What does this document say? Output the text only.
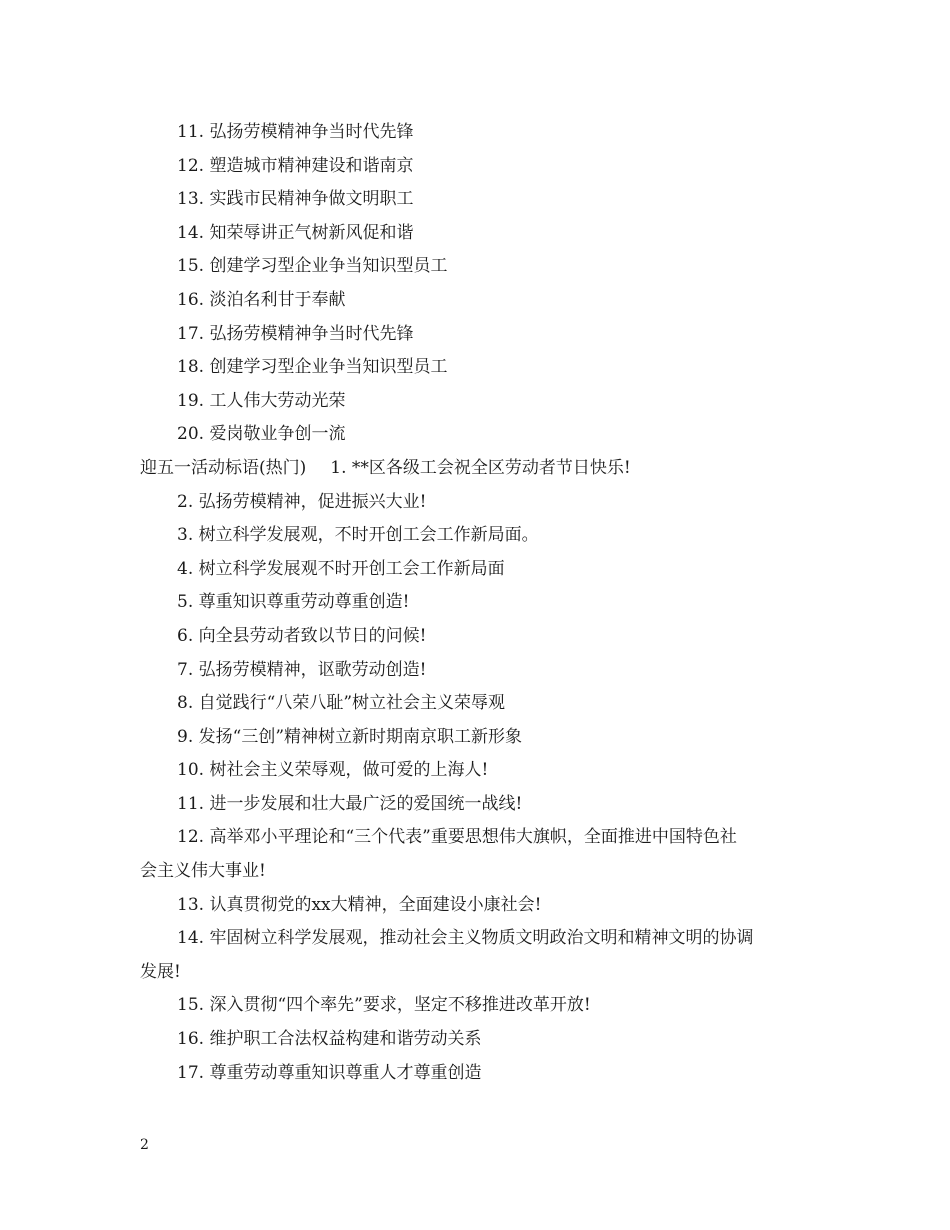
11. 弘扬劳模精神争当时代先锋
12. 塑造城市精神建设和谐南京
13. 实践市民精神争做文明职工
14. 知荣辱讲正气树新风促和谐
15. 创建学习型企业争当知识型员工
16. 淡泊名利甘于奉献
17. 弘扬劳模精神争当时代先锋
18. 创建学习型企业争当知识型员工
19. 工人伟大劳动光荣
20. 爱岗敬业争创一流
迎五一活动标语(热门) 1. **区各级工会祝全区劳动者节日快乐!
2. 弘扬劳模精神，促进振兴大业!
3. 树立科学发展观，不时开创工会工作新局面。
4. 树立科学发展观不时开创工会工作新局面
5. 尊重知识尊重劳动尊重创造!
6. 向全县劳动者致以节日的问候!
7. 弘扬劳模精神，讴歌劳动创造!
8. 自觉践行“八荣八耻”树立社会主义荣辱观
9. 发扬“三创”精神树立新时期南京职工新形象
10. 树社会主义荣辱观，做可爱的上海人!
11. 进一步发展和壮大最广泛的爱国统一战线!
12. 高举邓小平理论和“三个代表”重要思想伟大旗帜，全面推进中国特色社
会主义伟大事业!
13. 认真贯彻党的xx大精神，全面建设小康社会!
14. 牢固树立科学发展观，推动社会主义物质文明政治文明和精神文明的协调
发展!
15. 深入贯彻“四个率先”要求，坚定不移推进改革开放!
16. 维护职工合法权益构建和谐劳动关系
17. 尊重劳动尊重知识尊重人才尊重创造
2
